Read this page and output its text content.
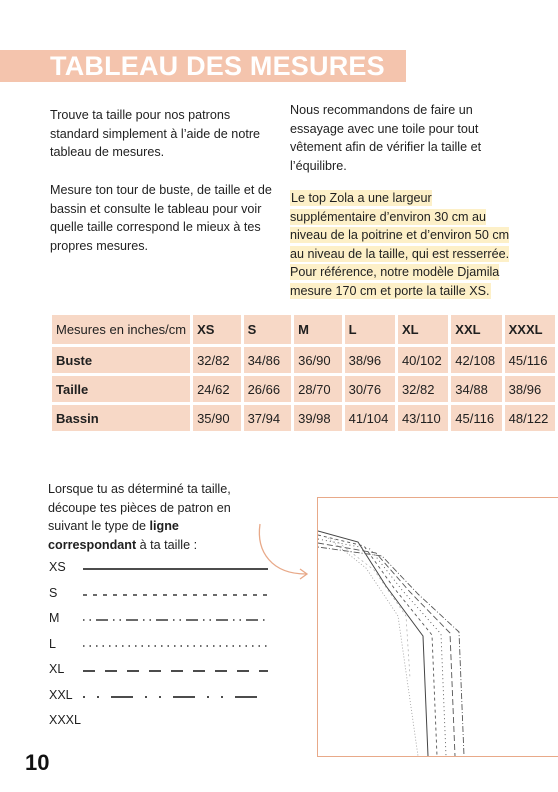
TABLEAU DES MESURES

Trouve ta taille pour nos patrons standard simplement à l’aide de notre tableau de mesures.

Mesure ton tour de buste, de taille et de bassin et consulte le tableau pour voir quelle taille correspond le mieux à tes propres mesures.

Nous recommandons de faire un essayage avec une toile pour tout vêtement afin de vérifier la taille et l’équilibre.

Le top Zola a une largeur supplémentaire d’environ 30 cm au niveau de la poitrine et d’environ 50 cm au niveau de la taille, qui est resserrée. Pour référence, notre modèle Djamila mesure 170 cm et porte la taille XS.

Mesures en inches/cm	XS	S	M	L	XL	XXL	XXXL
Buste	32/82	34/86	36/90	38/96	40/102	42/108	45/116
Taille	24/62	26/66	28/70	30/76	32/82	34/88	38/96
Bassin	35/90	37/94	39/98	41/104	43/110	45/116	48/122

Lorsque tu as déterminé ta taille, découpe tes pièces de patron en suivant le type de ligne correspondant à ta taille :

XS
S
M
L
XL
XXL
XXXL
10
